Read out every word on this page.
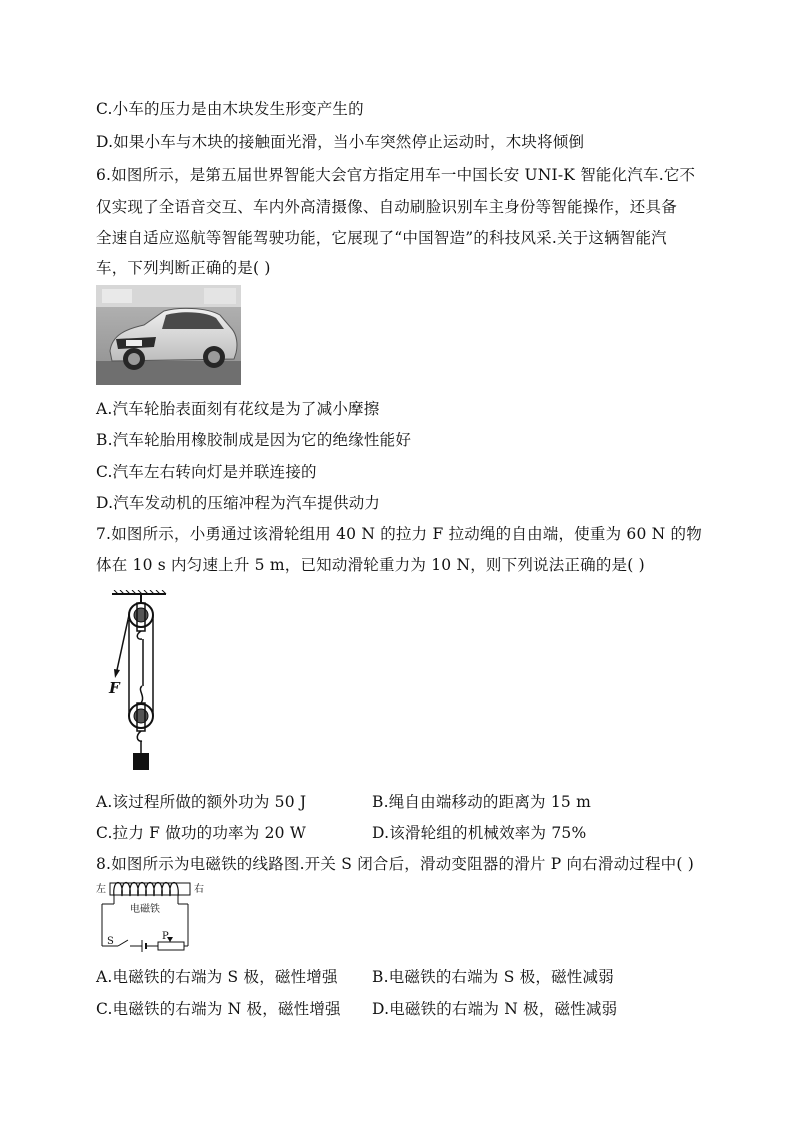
C.小车的压力是由木块发生形变产生的
D.如果小车与木块的接触面光滑，当小车突然停止运动时，木块将倾倒
6.如图所示，是第五届世界智能大会官方指定用车一中国长安 UNI-K 智能化汽车.它不
仅实现了全语音交互、车内外高清摄像、自动刷脸识别车主身份等智能操作，还具备
全速自适应巡航等智能驾驶功能，它展现了“中国智造”的科技风采.关于这辆智能汽
车，下列判断正确的是( )
A.汽车轮胎表面刻有花纹是为了减小摩擦
B.汽车轮胎用橡胶制成是因为它的绝缘性能好
C.汽车左右转向灯是并联连接的
D.汽车发动机的压缩冲程为汽车提供动力
7.如图所示，小勇通过该滑轮组用 40 N 的拉力 F 拉动绳的自由端，使重为 60 N 的物
体在 10 s 内匀速上升 5 m，已知动滑轮重力为 10 N，则下列说法正确的是( )
F
A.该过程所做的额外功为 50 J	B.绳自由端移动的距离为 15 m
C.拉力 F 做功的功率为 20 W	D.该滑轮组的机械效率为 75%
8.如图所示为电磁铁的线路图.开关 S 闭合后，滑动变阻器的滑片 P 向右滑动过程中( )
左	右
电磁铁
S	P
A.电磁铁的右端为 S 极，磁性增强 B.电磁铁的右端为 S 极，磁性减弱
C.电磁铁的右端为 N 极，磁性增强 D.电磁铁的右端为 N 极，磁性减弱
